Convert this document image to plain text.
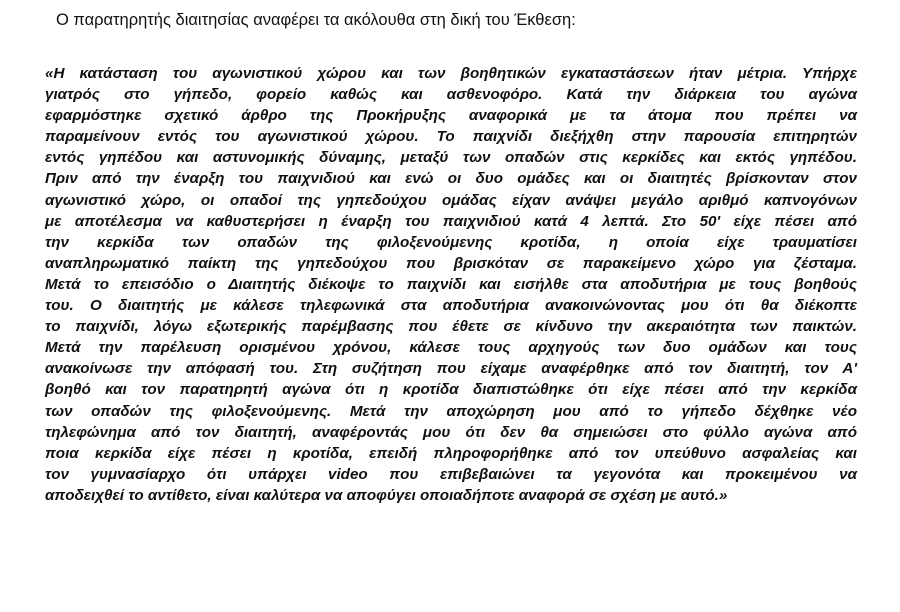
Ο παρατηρητής διαιτησίας αναφέρει τα ακόλουθα στη δική του Έκθεση:
«Η κατάσταση του αγωνιστικού χώρου και των βοηθητικών εγκαταστάσεων ήταν μέτρια. Υπήρχε
γιατρός στο γήπεδο, φορείο καθώς και ασθενοφόρο. Κατά την διάρκεια του αγώνα
εφαρμόστηκε σχετικό άρθρο της Προκήρυξης αναφορικά με τα άτομα που πρέπει να
παραμείνουν εντός του αγωνιστικού χώρου. Το παιχνίδι διεξήχθη στην παρουσία επιτηρητών
εντός γηπέδου και αστυνομικής δύναμης, μεταξύ των οπαδών στις κερκίδες και εκτός γηπέδου.
Πριν από την έναρξη του παιχνιδιού και ενώ οι δυο ομάδες και οι διαιτητές βρίσκονταν στον
αγωνιστικό χώρο, οι οπαδοί της γηπεδούχου ομάδας είχαν ανάψει μεγάλο αριθμό καπνογόνων
με αποτέλεσμα να καθυστερήσει η έναρξη του παιχνιδιού κατά 4 λεπτά. Στο 50' είχε πέσει από
την κερκίδα των οπαδών της φιλοξενούμενης κροτίδα, η οποία είχε τραυματίσει
αναπληρωματικό παίκτη της γηπεδούχου που βρισκόταν σε παρακείμενο χώρο για ζέσταμα.
Μετά το επεισόδιο ο Διαιτητής διέκοψε το παιχνίδι και εισήλθε στα αποδυτήρια με τους βοηθούς
του. Ο διαιτητής με κάλεσε τηλεφωνικά στα αποδυτήρια ανακοινώνοντας μου ότι θα διέκοπτε
το παιχνίδι, λόγω εξωτερικής παρέμβασης που έθετε σε κίνδυνο την ακεραιότητα των παικτών.
Μετά την παρέλευση ορισμένου χρόνου, κάλεσε τους αρχηγούς των δυο ομάδων και τους
ανακοίνωσε την απόφασή του. Στη συζήτηση που είχαμε αναφέρθηκε από τον διαιτητή, τον Α'
βοηθό και τον παρατηρητή αγώνα ότι η κροτίδα διαπιστώθηκε ότι είχε πέσει από την κερκίδα
των οπαδών της φιλοξενούμενης. Μετά την αποχώρηση μου από το γήπεδο δέχθηκε νέο
τηλεφώνημα από τον διαιτητή, αναφέροντάς μου ότι δεν θα σημειώσει στο φύλλο αγώνα από
ποια κερκίδα είχε πέσει η κροτίδα, επειδή πληροφορήθηκε από τον υπεύθυνο ασφαλείας και
τον γυμνασίαρχο ότι υπάρχει video που επιβεβαιώνει τα γεγονότα και προκειμένου να
αποδειχθεί το αντίθετο, είναι καλύτερα να αποφύγει οποιαδήποτε αναφορά σε σχέση με αυτό.»
